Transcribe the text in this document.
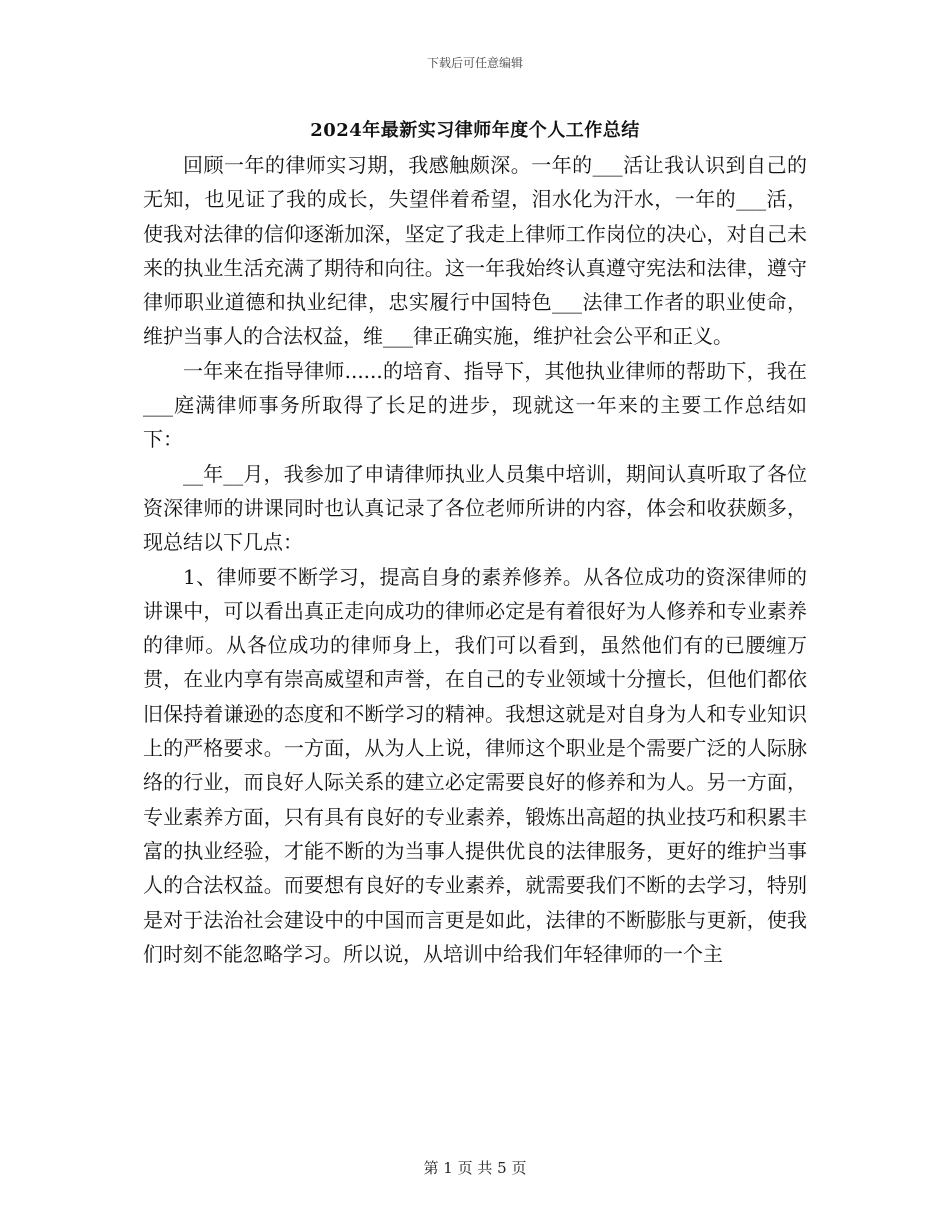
下载后可任意编辑
2024年最新实习律师年度个人工作总结

回顾一年的律师实习期，我感触颇深。一年的___活让我认识到自己的无知，也见证了我的成长，失望伴着希望，泪水化为汗水，一年的___活，使我对法律的信仰逐渐加深，坚定了我走上律师工作岗位的决心，对自己未来的执业生活充满了期待和向往。这一年我始终认真遵守宪法和法律，遵守律师职业道德和执业纪律，忠实履行中国特色___法律工作者的职业使命，维护当事人的合法权益，维___律正确实施，维护社会公平和正义。

一年来在指导律师......的培育、指导下，其他执业律师的帮助下，我在___庭满律师事务所取得了长足的进步，现就这一年来的主要工作总结如下：

__年__月，我参加了申请律师执业人员集中培训，期间认真听取了各位资深律师的讲课同时也认真记录了各位老师所讲的内容，体会和收获颇多，现总结以下几点：

1、律师要不断学习，提高自身的素养修养。从各位成功的资深律师的讲课中，可以看出真正走向成功的律师必定是有着很好为人修养和专业素养的律师。从各位成功的律师身上，我们可以看到，虽然他们有的已腰缠万贯，在业内享有崇高威望和声誉，在自己的专业领域十分擅长，但他们都依旧保持着谦逊的态度和不断学习的精神。我想这就是对自身为人和专业知识上的严格要求。一方面，从为人上说，律师这个职业是个需要广泛的人际脉络的行业，而良好人际关系的建立必定需要良好的修养和为人。另一方面，专业素养方面，只有具有良好的专业素养，锻炼出高超的执业技巧和积累丰富的执业经验，才能不断的为当事人提供优良的法律服务，更好的维护当事人的合法权益。而要想有良好的专业素养，就需要我们不断的去学习，特别是对于法治社会建设中的中国而言更是如此，法律的不断膨胀与更新，使我们时刻不能忽略学习。所以说，从培训中给我们年轻律师的一个主

第 1 页 共 5 页
